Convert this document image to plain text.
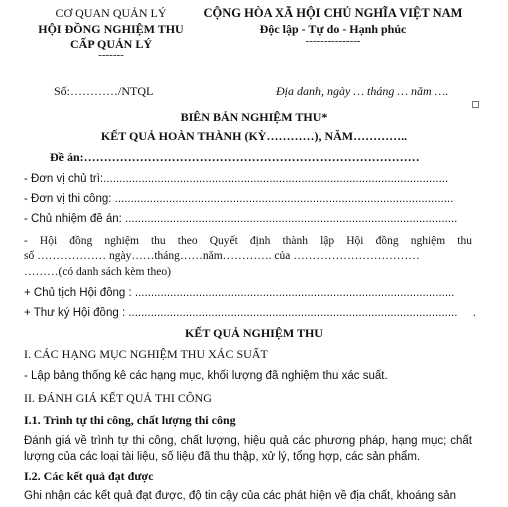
CƠ QUAN QUẢN LÝ
HỘI ĐỒNG NGHIỆM THU
CẤP QUẢN LÝ
-------
CỘNG HÒA XÃ HỘI CHỦ NGHĨA VIỆT NAM
Độc lập - Tự do - Hạnh phúc
---------------
Số:…………/NTQL	Địa danh, ngày … tháng … năm ….
BIÊN BẢN NGHIỆM THU*
KẾT QUẢ HOÀN THÀNH (KỲ…………), NĂM…………..
Đề án:…………………………………………………………………………
- Đơn vị chủ trì:............................................................................................................
- Đơn vị thi công: ..........................................................................................................
- Chủ nhiệm đề án: ........................................................................................................
- Hội đồng nghiệm thu theo Quyết định thành lập Hội đồng nghiệm thu
số ……………… ngày……tháng……năm…………. của ……………………………
………(có danh sách kèm theo)
+ Chủ tịch Hội đồng : ....................................................................................................
+ Thư ký Hội đồng : .......................................................................................................	.
KẾT QUẢ NGHIỆM THU
I. CÁC HẠNG MỤC NGHIỆM THU XÁC SUẤT
- Lập bảng thống kê các hạng mục, khối lượng đã nghiệm thu xác suất.
II. ĐÁNH GIÁ KẾT QUẢ THI CÔNG
I.1. Trình tự thi công, chất lượng thi công
Đánh giá về trình tự thi công, chất lượng, hiệu quả các phương pháp, hạng mục; chất lượng của các loại tài liệu, số liệu đã thu thập, xử lý, tổng hợp, các sản phẩm.
I.2. Các kết quả đạt được
Ghi nhận các kết quả đạt được, độ tin cậy của các phát hiện về địa chất, khoáng sản
